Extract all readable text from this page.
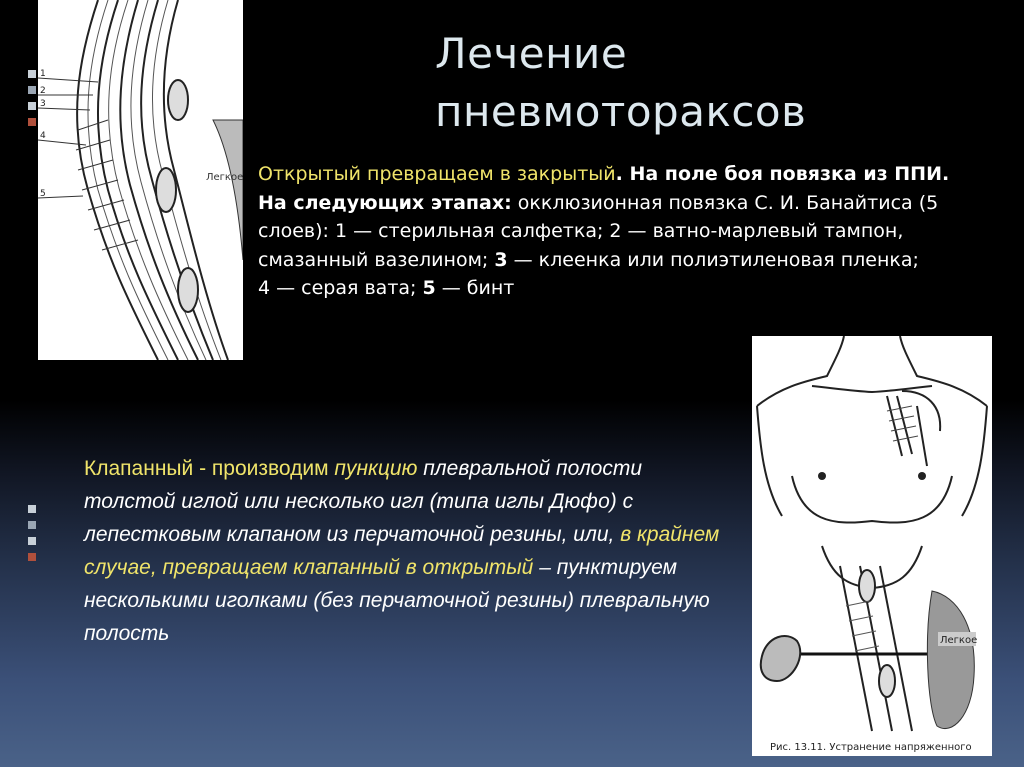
Легкое
1
2
3
4
5
Легкое
Рис. 13.11. Устранение напряженного
Лечение
пневмотораксов
Открытый превращаем в закрытый. На поле боя повязка из ППИ. На следующих этапах: окклюзионная повязка С. И. Банайтиса (5 слоев): 1 — стерильная салфетка; 2 — ватно-марлевый тампон, смазанный вазелином; 3 — клеенка или полиэтиленовая пленка;
4 — серая вата; 5 — бинт
Клапанный - производим пункцию плевральной полости толстой иглой или несколько игл (типа иглы Дюфо) с лепестковым клапаном из перчаточной резины, или, в крайнем случае, превращаем клапанный в открытый – пунктируем несколькими иголками (без перчаточной резины) плевральную полость
